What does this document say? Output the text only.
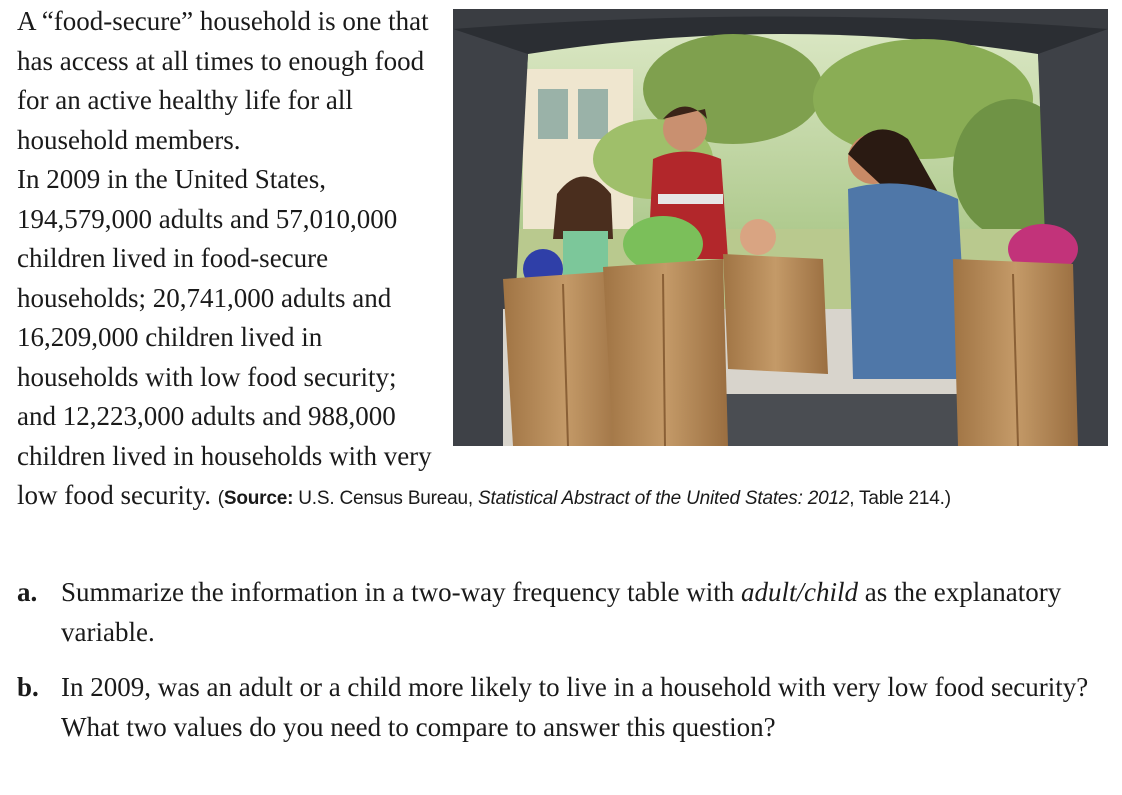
A “food-secure” household is one that has access at all times to enough food for an active healthy life for all household members.
In 2009 in the United States, 194,579,000 adults and 57,010,000 children lived in food-secure households; 20,741,000 adults and 16,209,000 children lived in households with low food security; and 12,223,000 adults and 988,000 children lived in households with very low food security. (Source: U.S. Census Bureau, Statistical Abstract of the United States: 2012, Table 214.)
a. Summarize the information in a two-way frequency table with adult/child as the explanatory variable.
b. In 2009, was an adult or a child more likely to live in a household with very low food security? What two values do you need to compare to answer this question?
